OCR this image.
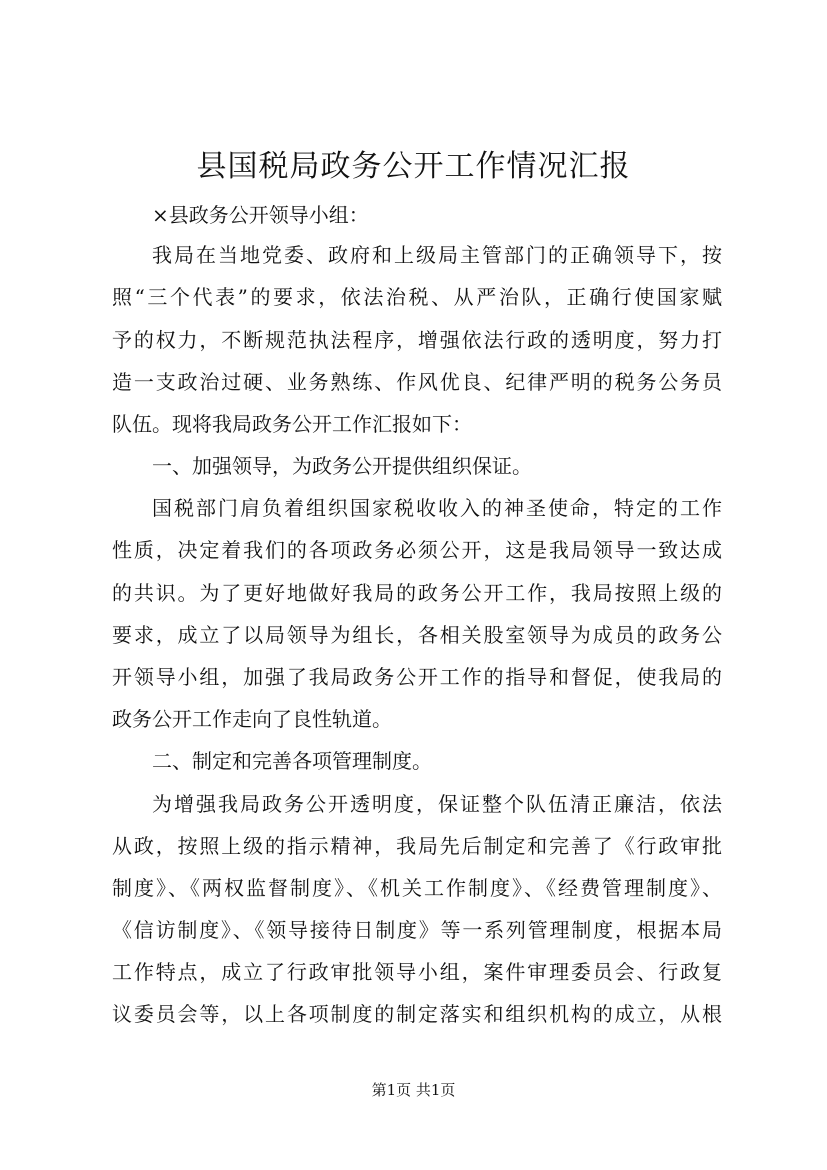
县国税局政务公开工作情况汇报
×县政务公开领导小组：
我局在当地党委、政府和上级局主管部门的正确领导下，按
照“三个代表”的要求，依法治税、从严治队，正确行使国家赋
予的权力，不断规范执法程序，增强依法行政的透明度，努力打
造一支政治过硬、业务熟练、作风优良、纪律严明的税务公务员
队伍。现将我局政务公开工作汇报如下：
一、加强领导，为政务公开提供组织保证。
国税部门肩负着组织国家税收收入的神圣使命，特定的工作
性质，决定着我们的各项政务必须公开，这是我局领导一致达成
的共识。为了更好地做好我局的政务公开工作，我局按照上级的
要求，成立了以局领导为组长，各相关股室领导为成员的政务公
开领导小组，加强了我局政务公开工作的指导和督促，使我局的
政务公开工作走向了良性轨道。
二、制定和完善各项管理制度。
为增强我局政务公开透明度，保证整个队伍清正廉洁，依法
从政，按照上级的指示精神，我局先后制定和完善了《行政审批
制度》、《两权监督制度》、《机关工作制度》、《经费管理制度》、
《信访制度》、《领导接待日制度》等一系列管理制度，根据本局
工作特点，成立了行政审批领导小组，案件审理委员会、行政复
议委员会等，以上各项制度的制定落实和组织机构的成立，从根
第1页 共1页
